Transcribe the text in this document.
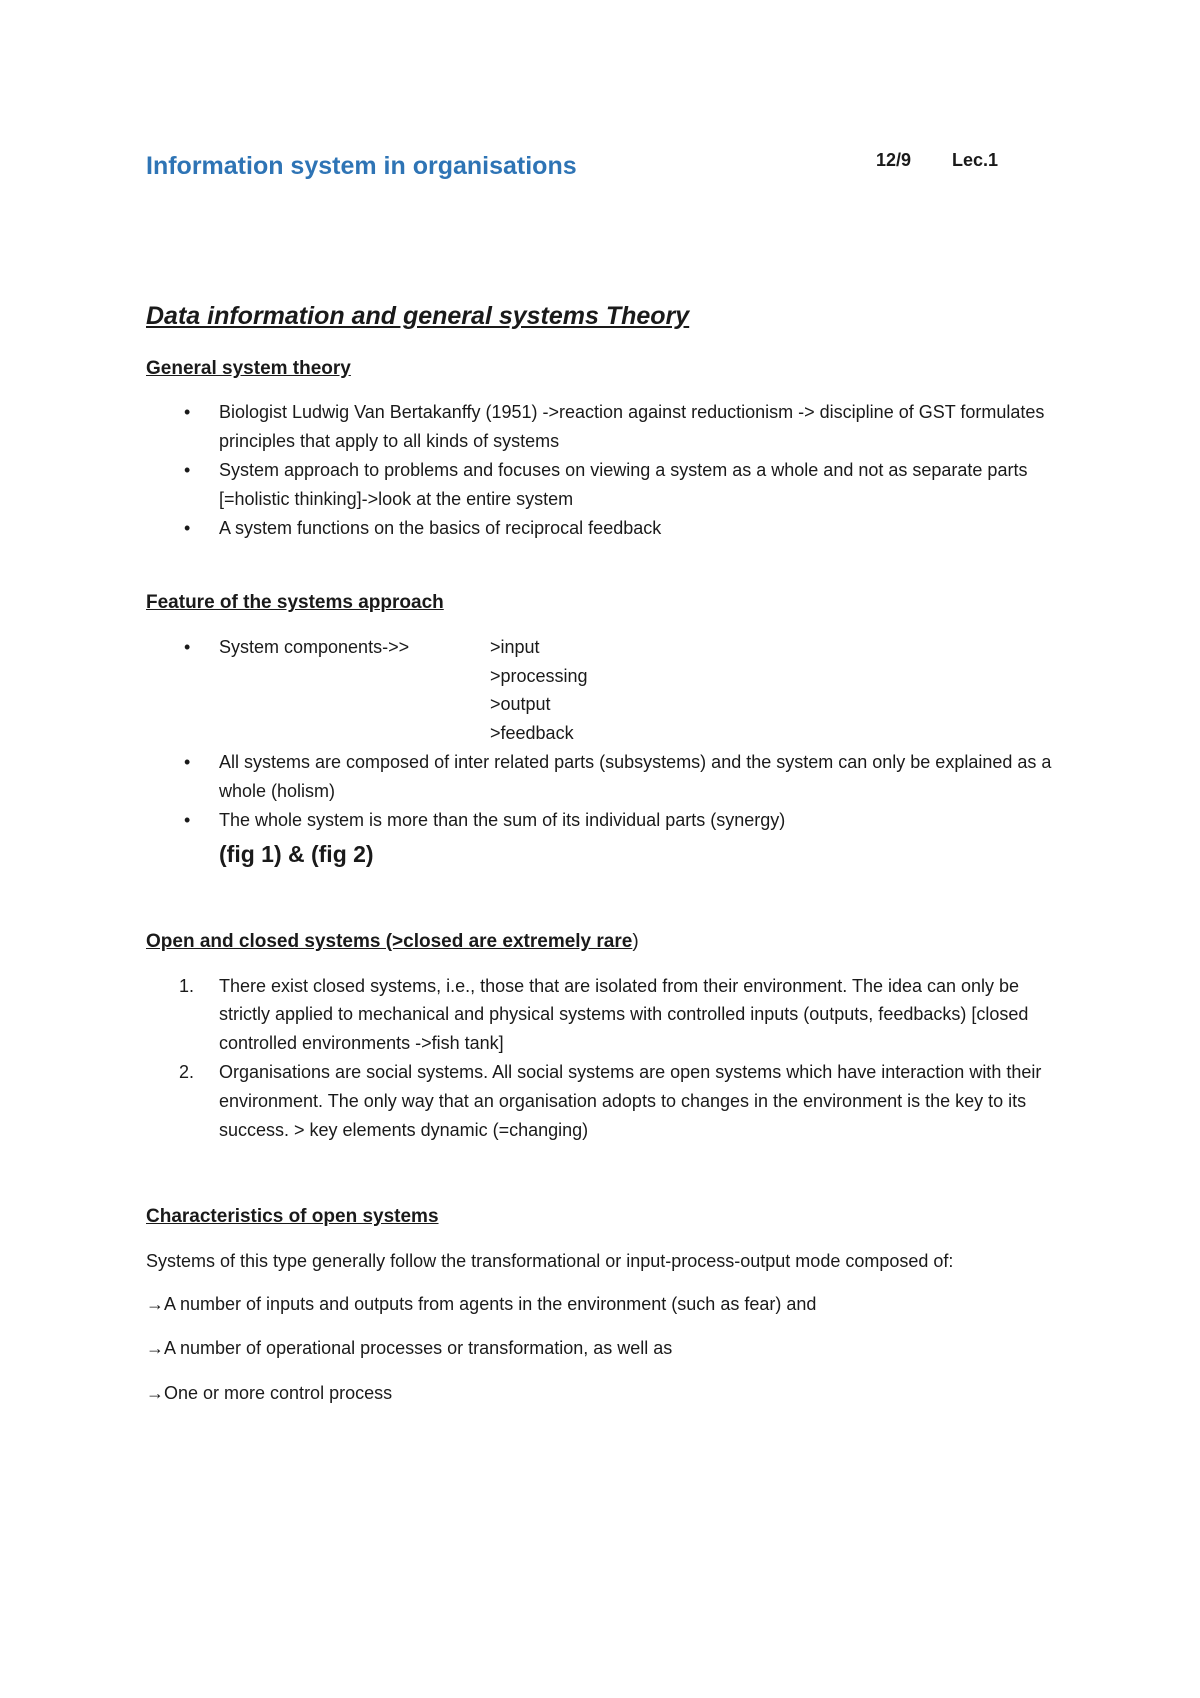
Information system in organisations	12/9 Lec.1
Data information and general systems Theory
General system theory
• Biologist Ludwig Van Bertakanffy (1951) ->reaction against reductionism -> discipline of GST formulates principles that apply to all kinds of systems
• System approach to problems and focuses on viewing a system as a whole and not as separate parts [=holistic thinking]->look at the entire system
• A system functions on the basics of reciprocal feedback
Feature of the systems approach
• System components->>	>input
>processing
>output
>feedback
• All systems are composed of inter related parts (subsystems) and the system can only be explained as a whole (holism)
• The whole system is more than the sum of its individual parts (synergy)
(fig 1) & (fig 2)
Open and closed systems (>closed are extremely rare)
1. There exist closed systems, i.e., those that are isolated from their environment. The idea can only be strictly applied to mechanical and physical systems with controlled inputs (outputs, feedbacks) [closed controlled environments ->fish tank]
2. Organisations are social systems. All social systems are open systems which have interaction with their environment. The only way that an organisation adopts to changes in the environment is the key to its success. > key elements dynamic (=changing)
Characteristics of open systems

Systems of this type generally follow the transformational or input-process-output mode composed of:

→A number of inputs and outputs from agents in the environment (such as fear) and

→A number of operational processes or transformation, as well as

→One or more control process
